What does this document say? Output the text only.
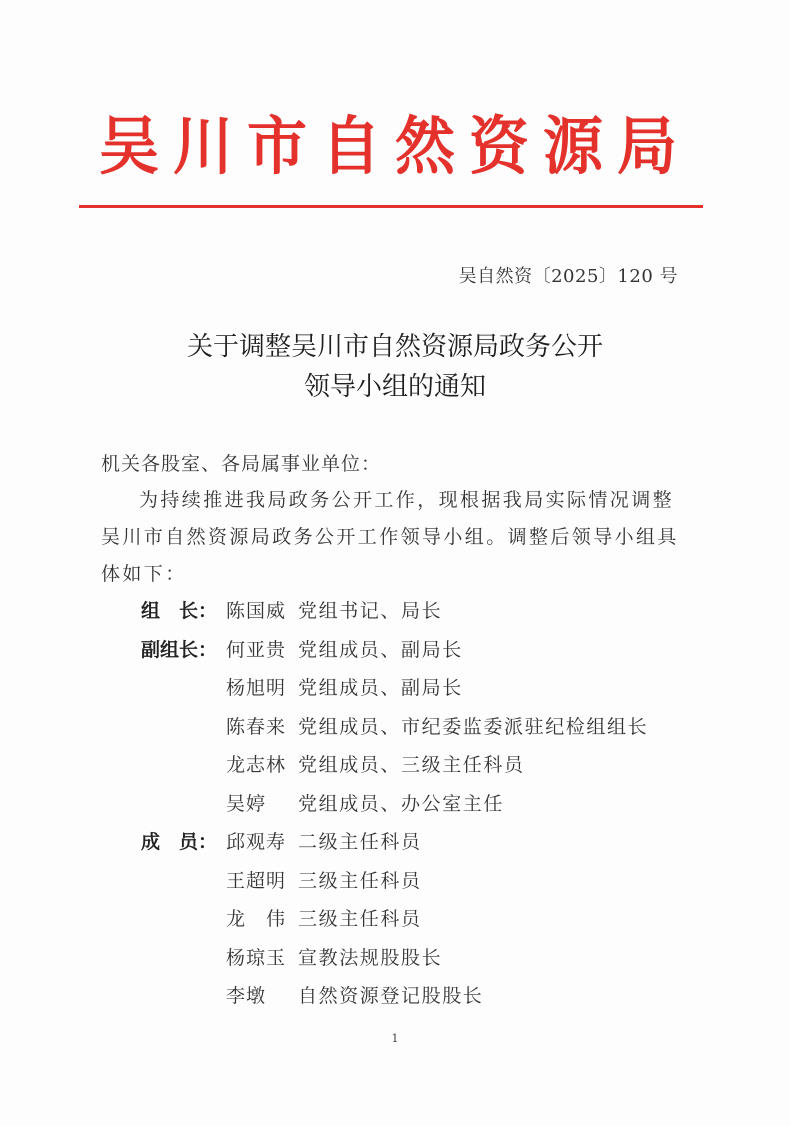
吴川市自然资源局
吴自然资〔2025〕120 号
关于调整吴川市自然资源局政务公开
领导小组的通知
机关各股室、各局属事业单位：
为持续推进我局政务公开工作，现根据我局实际情况调整吴川市自然资源局政务公开工作领导小组。调整后领导小组具体如下：
组　长： 陈国威 党组书记、局长
副组长： 何亚贵 党组成员、副局长
杨旭明 党组成员、副局长
陈春来 党组成员、市纪委监委派驻纪检组组长
龙志林 党组成员、三级主任科员
吴婷	党组成员、办公室主任
成　员： 邱观寿 二级主任科员
王超明 三级主任科员
龙　伟 三级主任科员
杨琼玉 宣教法规股股长
李墩	自然资源登记股股长
1
